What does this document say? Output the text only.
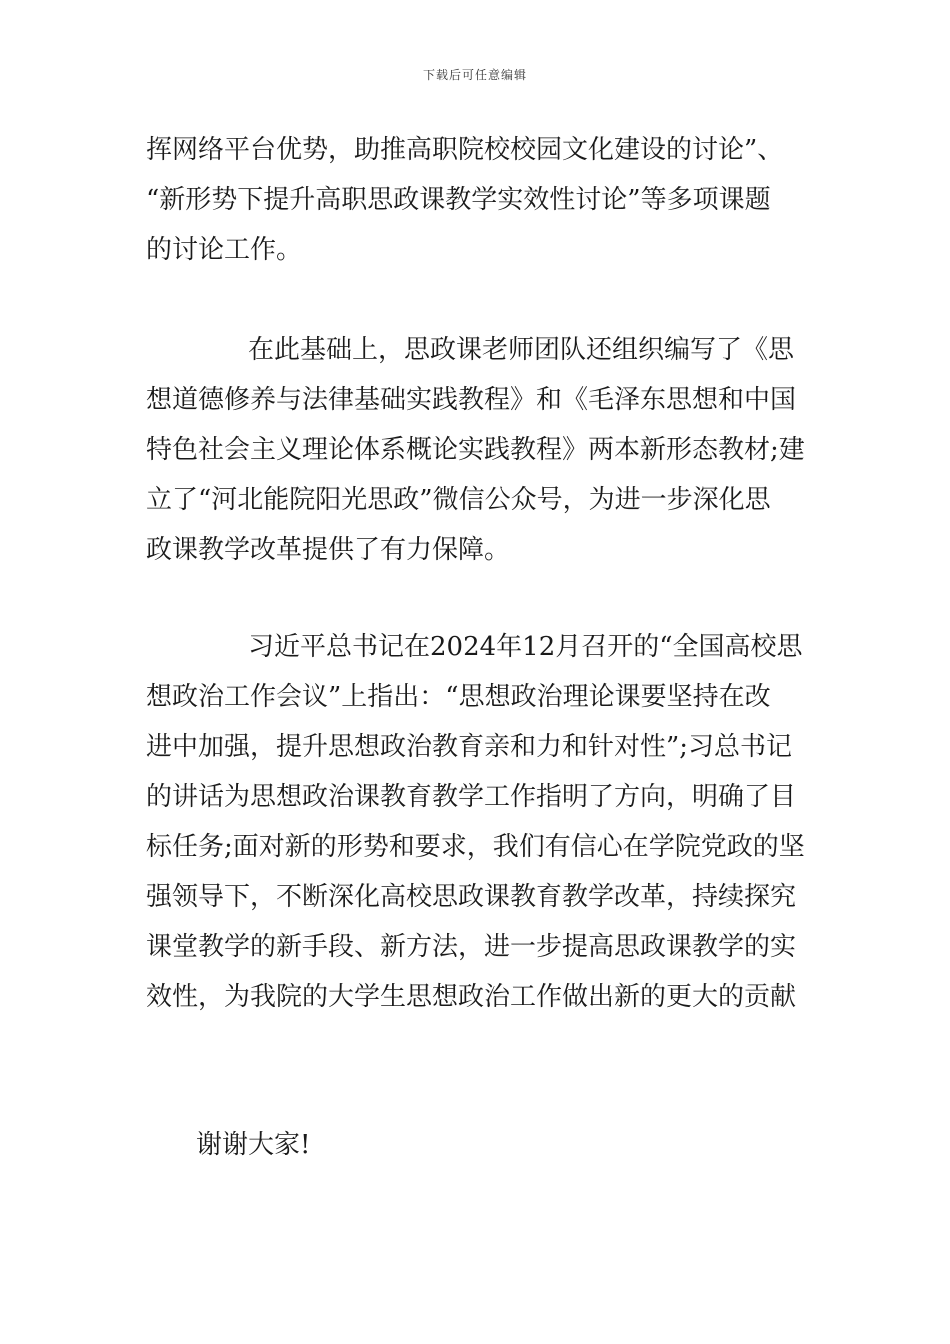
下载后可任意编辑
挥网络平台优势，助推高职院校校园文化建设的讨论”、
“新形势下提升高职思政课教学实效性讨论”等多项课题
的讨论工作。
在此基础上，思政课老师团队还组织编写了《思
想道德修养与法律基础实践教程》和《毛泽东思想和中国
特色社会主义理论体系概论实践教程》两本新形态教材;建
立了“河北能院阳光思政”微信公众号，为进一步深化思
政课教学改革提供了有力保障。
习近平总书记在2024年12月召开的“全国高校思
想政治工作会议”上指出：“思想政治理论课要坚持在改
进中加强，提升思想政治教育亲和力和针对性”;习总书记
的讲话为思想政治课教育教学工作指明了方向，明确了目
标任务;面对新的形势和要求，我们有信心在学院党政的坚
强领导下，不断深化高校思政课教育教学改革，持续探究
课堂教学的新手段、新方法，进一步提高思政课教学的实
效性，为我院的大学生思想政治工作做出新的更大的贡献
谢谢大家!
